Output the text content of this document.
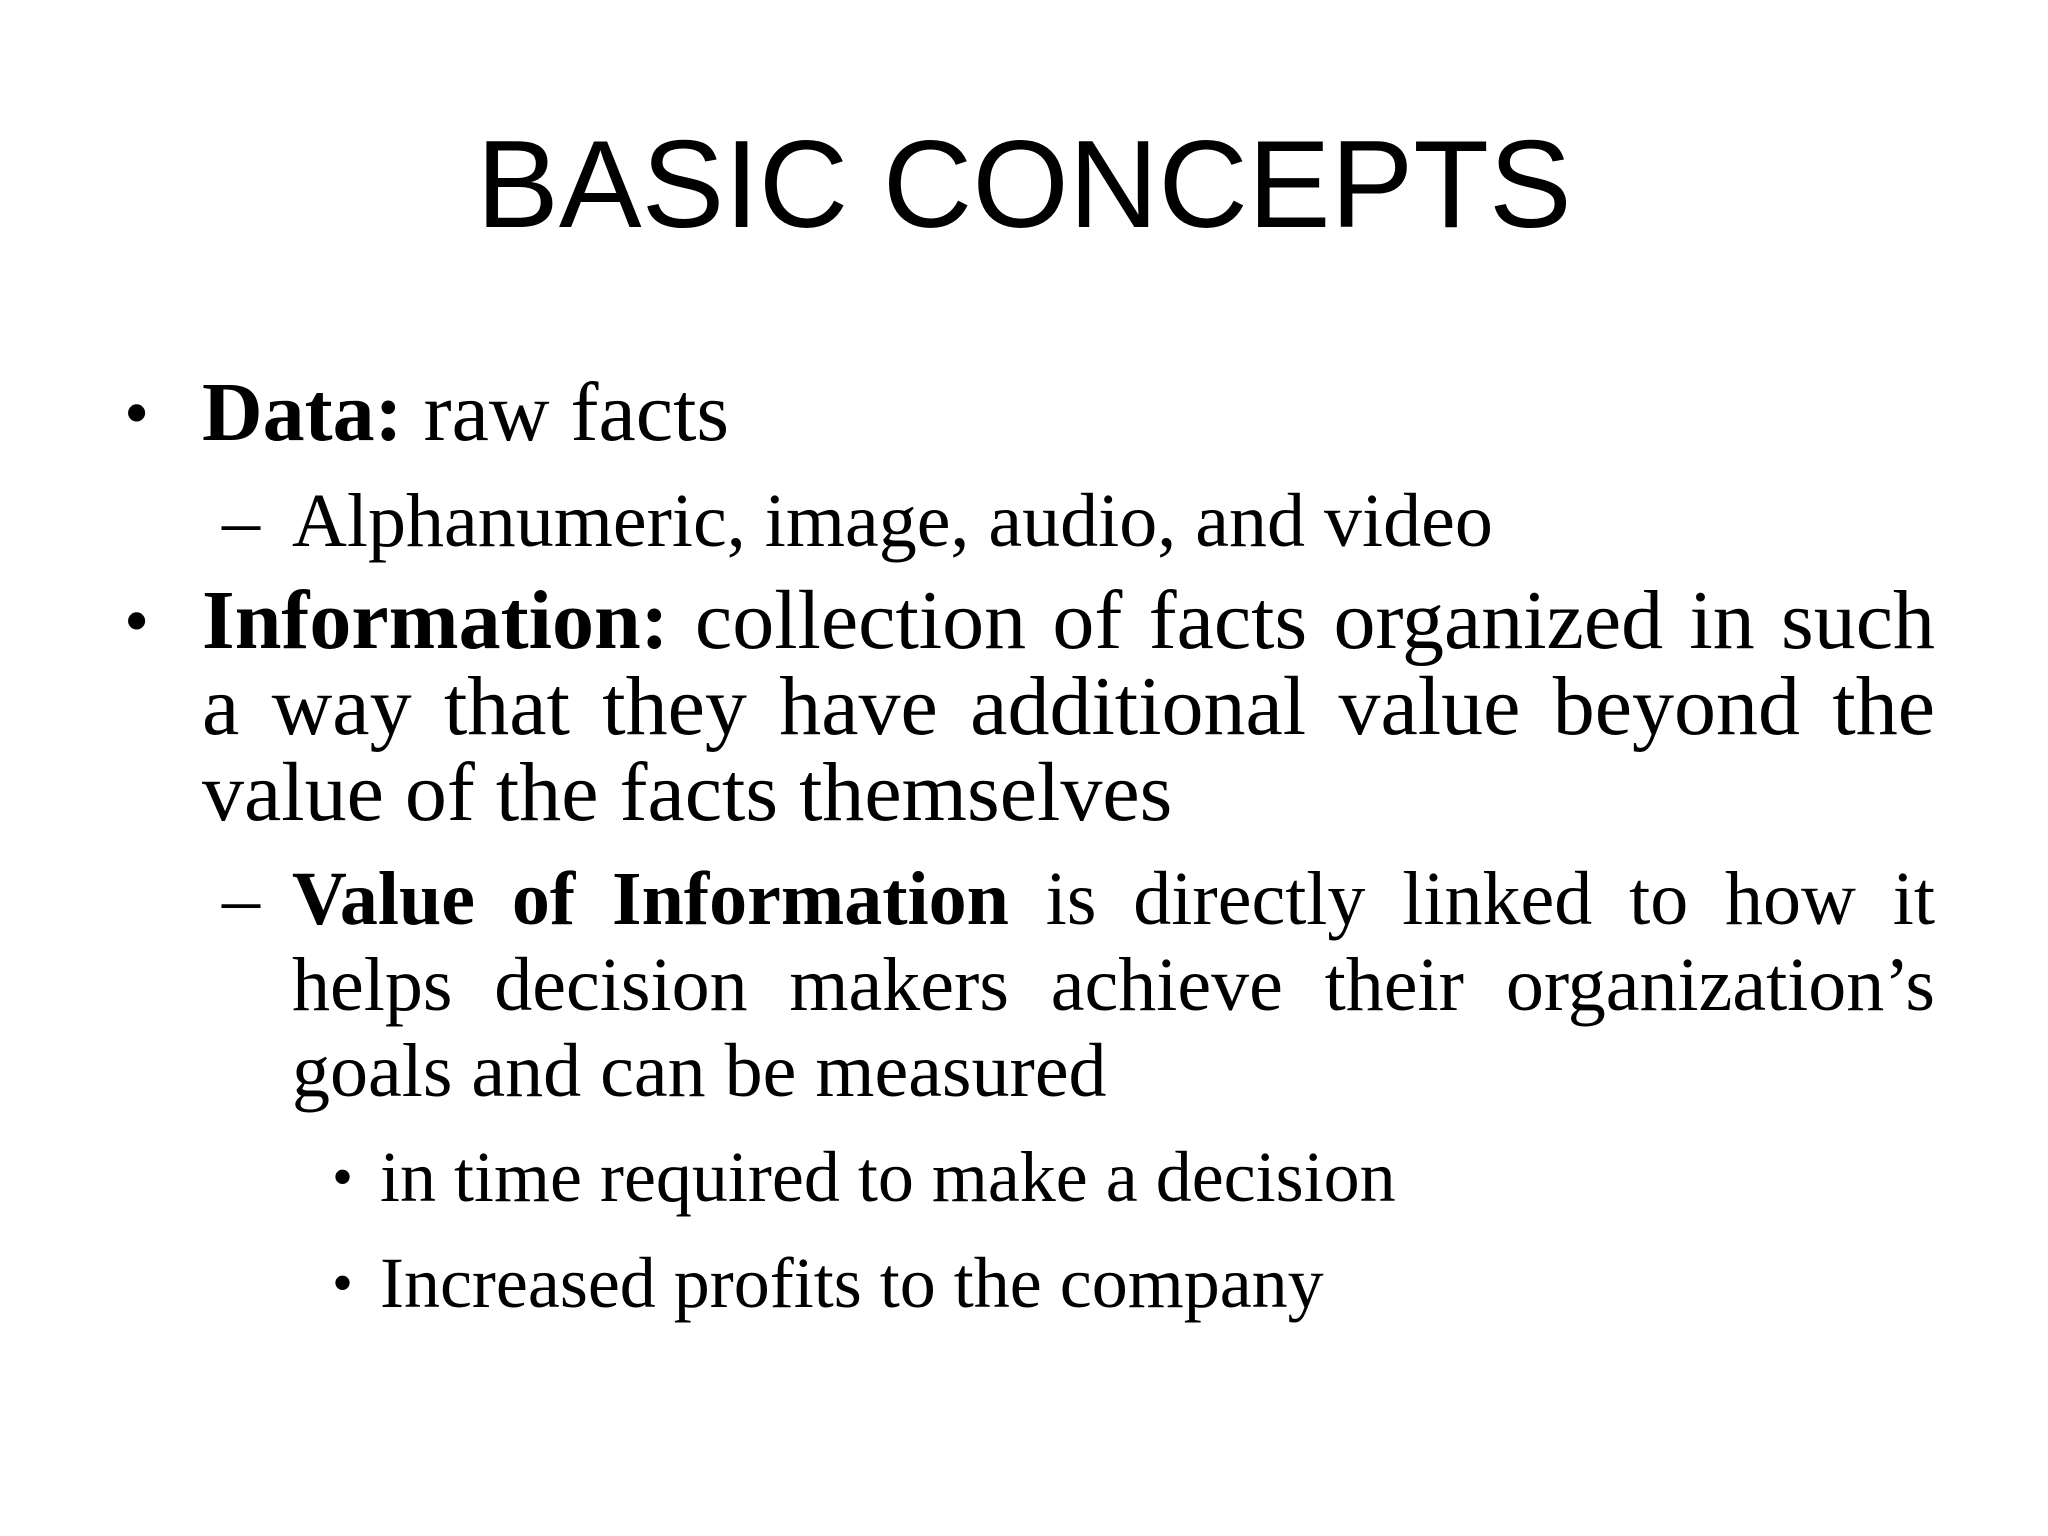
BASIC CONCEPTS
• Data: raw facts
– Alphanumeric, image, audio, and video
• Information: collection of facts organized in such a way that they have additional value beyond the value of the facts themselves
– Value of Information is directly linked to how it helps decision makers achieve their organization’s goals and can be measured
• in time required to make a decision
• Increased profits to the company
